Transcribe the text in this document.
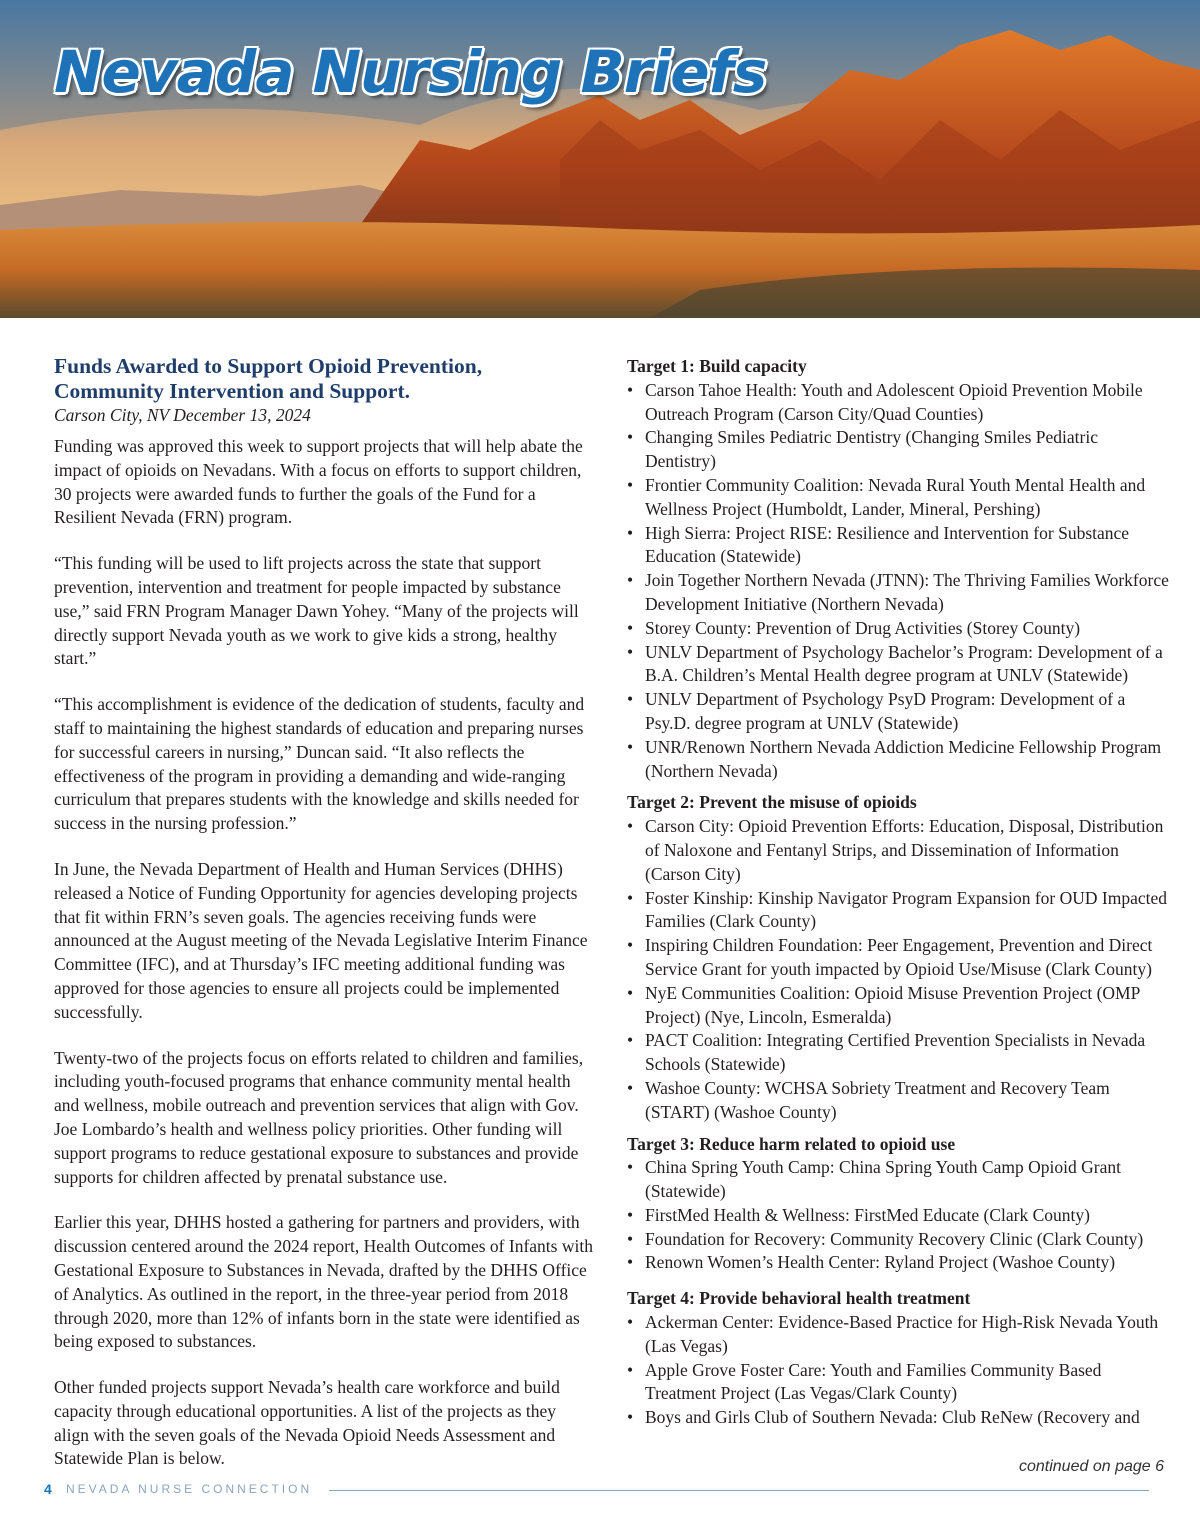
Nevada Nursing Briefs
Funds Awarded to Support Opioid Prevention,
Community Intervention and Support.

Carson City, NV December 13, 2024

Funding was approved this week to support projects that will help abate the impact of opioids on Nevadans. With a focus on efforts to support children, 30 projects were awarded funds to further the goals of the Fund for a Resilient Nevada (FRN) program.

“This funding will be used to lift projects across the state that support prevention, intervention and treatment for people impacted by substance use,” said FRN Program Manager Dawn Yohey. “Many of the projects will directly support Nevada youth as we work to give kids a strong, healthy start.”

“This accomplishment is evidence of the dedication of students, faculty and staff to maintaining the highest standards of education and preparing nurses for successful careers in nursing,” Duncan said. “It also reflects the effectiveness of the program in providing a demanding and wide-ranging curriculum that prepares students with the knowledge and skills needed for success in the nursing profession.”

In June, the Nevada Department of Health and Human Services (DHHS) released a Notice of Funding Opportunity for agencies developing projects that fit within FRN’s seven goals. The agencies receiving funds were announced at the August meeting of the Nevada Legislative Interim Finance Committee (IFC), and at Thursday’s IFC meeting additional funding was approved for those agencies to ensure all projects could be implemented successfully.

Twenty-two of the projects focus on efforts related to children and families, including youth-focused programs that enhance community mental health and wellness, mobile outreach and prevention services that align with Gov. Joe Lombardo’s health and wellness policy priorities. Other funding will support programs to reduce gestational exposure to substances and provide supports for children affected by prenatal substance use.

Earlier this year, DHHS hosted a gathering for partners and providers, with discussion centered around the 2024 report, Health Outcomes of Infants with Gestational Exposure to Substances in Nevada, drafted by the DHHS Office of Analytics. As outlined in the report, in the three-year period from 2018 through 2020, more than 12% of infants born in the state were identified as being exposed to substances.

Other funded projects support Nevada’s health care workforce and build capacity through educational opportunities. A list of the projects as they align with the seven goals of the Nevada Opioid Needs Assessment and Statewide Plan is below.

Target 1: Build capacity

• Carson Tahoe Health: Youth and Adolescent Opioid Prevention Mobile Outreach Program (Carson City/Quad Counties)
• Changing Smiles Pediatric Dentistry (Changing Smiles Pediatric Dentistry)
• Frontier Community Coalition: Nevada Rural Youth Mental Health and Wellness Project (Humboldt, Lander, Mineral, Pershing)
• High Sierra: Project RISE: Resilience and Intervention for Substance Education (Statewide)
• Join Together Northern Nevada (JTNN): The Thriving Families Workforce Development Initiative (Northern Nevada)
• Storey County: Prevention of Drug Activities (Storey County)
• UNLV Department of Psychology Bachelor’s Program: Development of a B.A. Children’s Mental Health degree program at UNLV (Statewide)
• UNLV Department of Psychology PsyD Program: Development of a Psy.D. degree program at UNLV (Statewide)
• UNR/Renown Northern Nevada Addiction Medicine Fellowship Program (Northern Nevada)

Target 2: Prevent the misuse of opioids

• Carson City: Opioid Prevention Efforts: Education, Disposal, Distribution of Naloxone and Fentanyl Strips, and Dissemination of Information (Carson City)
• Foster Kinship: Kinship Navigator Program Expansion for OUD Impacted Families (Clark County)
• Inspiring Children Foundation: Peer Engagement, Prevention and Direct Service Grant for youth impacted by Opioid Use/Misuse (Clark County)
• NyE Communities Coalition: Opioid Misuse Prevention Project (OMP Project) (Nye, Lincoln, Esmeralda)
• PACT Coalition: Integrating Certified Prevention Specialists in Nevada Schools (Statewide)
• Washoe County: WCHSA Sobriety Treatment and Recovery Team (START) (Washoe County)

Target 3: Reduce harm related to opioid use

• China Spring Youth Camp: China Spring Youth Camp Opioid Grant (Statewide)
• FirstMed Health & Wellness: FirstMed Educate (Clark County)
• Foundation for Recovery: Community Recovery Clinic (Clark County)
• Renown Women’s Health Center: Ryland Project (Washoe County)

Target 4: Provide behavioral health treatment

• Ackerman Center: Evidence-Based Practice for High-Risk Nevada Youth (Las Vegas)
• Apple Grove Foster Care: Youth and Families Community Based Treatment Project (Las Vegas/Clark County)
• Boys and Girls Club of Southern Nevada: Club ReNew (Recovery and

continued on page 6

4 NEVADA NURSE CONNECTION
